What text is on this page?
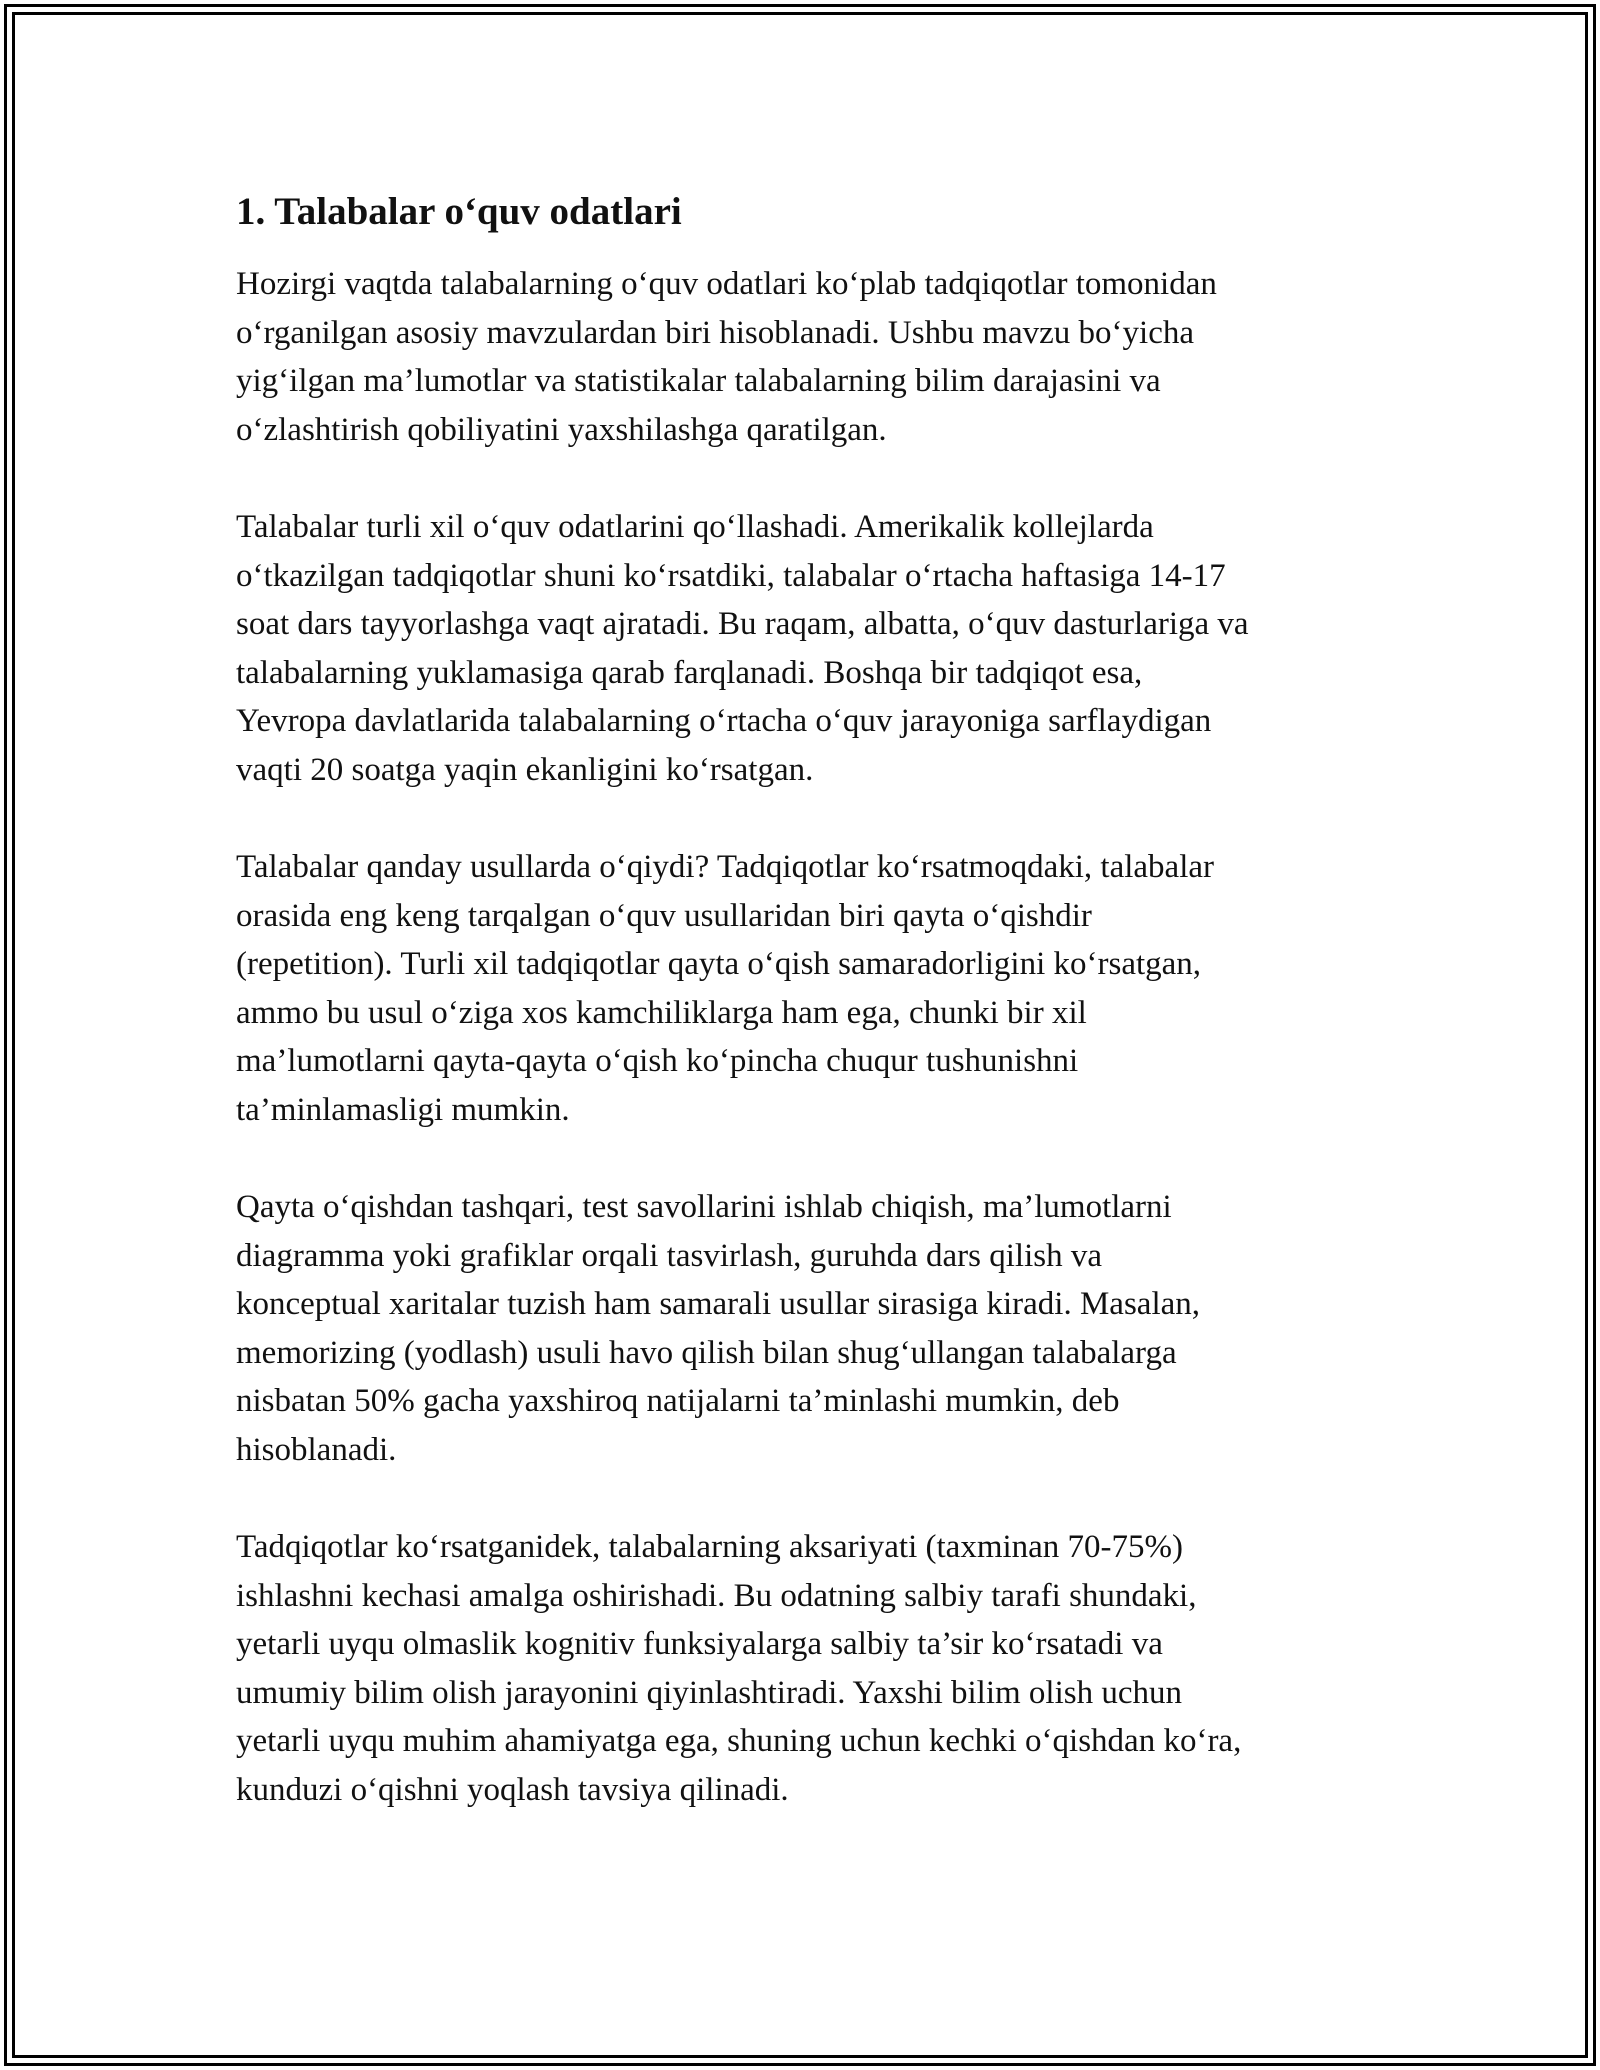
1. Talabalar o‘quv odatlari

Hozirgi vaqtda talabalarning o‘quv odatlari ko‘plab tadqiqotlar tomonidan
o‘rganilgan asosiy mavzulardan biri hisoblanadi. Ushbu mavzu bo‘yicha
yig‘ilgan ma’lumotlar va statistikalar talabalarning bilim darajasini va
o‘zlashtirish qobiliyatini yaxshilashga qaratilgan.

Talabalar turli xil o‘quv odatlarini qo‘llashadi. Amerikalik kollejlarda
o‘tkazilgan tadqiqotlar shuni ko‘rsatdiki, talabalar o‘rtacha haftasiga 14-17
soat dars tayyorlashga vaqt ajratadi. Bu raqam, albatta, o‘quv dasturlariga va
talabalarning yuklamasiga qarab farqlanadi. Boshqa bir tadqiqot esa,
Yevropa davlatlarida talabalarning o‘rtacha o‘quv jarayoniga sarflaydigan
vaqti 20 soatga yaqin ekanligini ko‘rsatgan.

Talabalar qanday usullarda o‘qiydi? Tadqiqotlar ko‘rsatmoqdaki, talabalar
orasida eng keng tarqalgan o‘quv usullaridan biri qayta o‘qishdir
(repetition). Turli xil tadqiqotlar qayta o‘qish samaradorligini ko‘rsatgan,
ammo bu usul o‘ziga xos kamchiliklarga ham ega, chunki bir xil
ma’lumotlarni qayta-qayta o‘qish ko‘pincha chuqur tushunishni
ta’minlamasligi mumkin.

Qayta o‘qishdan tashqari, test savollarini ishlab chiqish, ma’lumotlarni
diagramma yoki grafiklar orqali tasvirlash, guruhda dars qilish va
konceptual xaritalar tuzish ham samarali usullar sirasiga kiradi. Masalan,
memorizing (yodlash) usuli havo qilish bilan shug‘ullangan talabalarga
nisbatan 50% gacha yaxshiroq natijalarni ta’minlashi mumkin, deb
hisoblanadi.

Tadqiqotlar ko‘rsatganidek, talabalarning aksariyati (taxminan 70-75%)
ishlashni kechasi amalga oshirishadi. Bu odatning salbiy tarafi shundaki,
yetarli uyqu olmaslik kognitiv funksiyalarga salbiy ta’sir ko‘rsatadi va
umumiy bilim olish jarayonini qiyinlashtiradi. Yaxshi bilim olish uchun
yetarli uyqu muhim ahamiyatga ega, shuning uchun kechki o‘qishdan ko‘ra,
kunduzi o‘qishni yoqlash tavsiya qilinadi.
